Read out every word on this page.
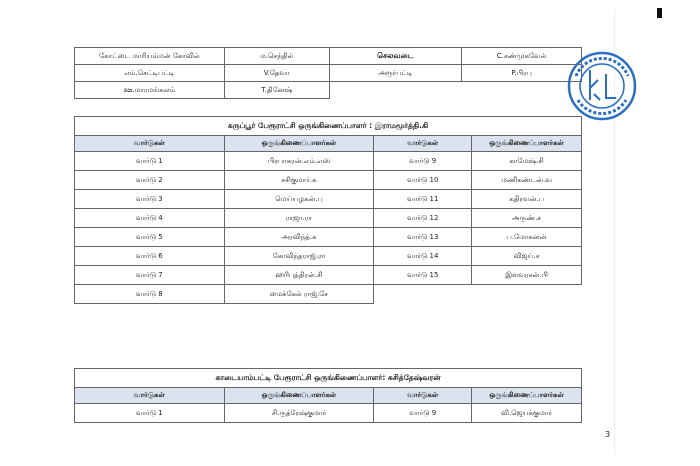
கோட்டை மாரியம்மன் கோவில்	ம.செந்தில்	செலவடை	C.சண்முகவேல்
எம்.செட்டிபட்டி	V.தேவா	அரூர்பட்டி	P.பிரபு
ஊ.மாரமங்கலம்	T.தினேஷ்		
கருப்பூர் பேரூராட்சி ஒருங்கிணைப்பாளர் : இராமமூர்த்தி.கி			
வார்டுகள்	ஒருங்கிணைப்பாளர்கள்	வார்டுகள்	ஒருங்கிணைப்பாளர்கள்
வார்டு 1	பிரபாகரன்.எம்.எஸ்	வார்டு 9	காமேஷ்.சி
வார்டு 2	சசிகுமார்.க	வார்டு 10	மணிகண்டன்.வ
வார்டு 3	மெய்யழகன்.பு	வார்டு 11	கதிரவன்.ப
வார்டு 4	ராஜா.ரா	வார்டு 12	அருண்.ச
வார்டு 5	அரவிந்த்.க	வார்டு 13	ப.மோகனன்
வார்டு 6	கோவிந்தராஜ்.ரா	வார்டு 14	விஜய்.ச
வார்டு 7	ஹரிபுத்திரன்.சி	வார்டு 15	இளவரசன்.பி
வார்டு 8	மைக்கேல் ராஜ்.சே		
காடையாம்பட்டி பேரூராட்சி ஒருங்கிணைப்பாளர்: சுசித்தேஷ்வரன்			
வார்டுகள்	ஒருங்கிணைப்பாளர்கள்	வார்டுகள்	ஒருங்கிணைப்பாளர்கள்
வார்டு 1	சி.ருத்ரேஷ்குமார்	வார்டு 9	வி.ஜெயக்குமார்
3
